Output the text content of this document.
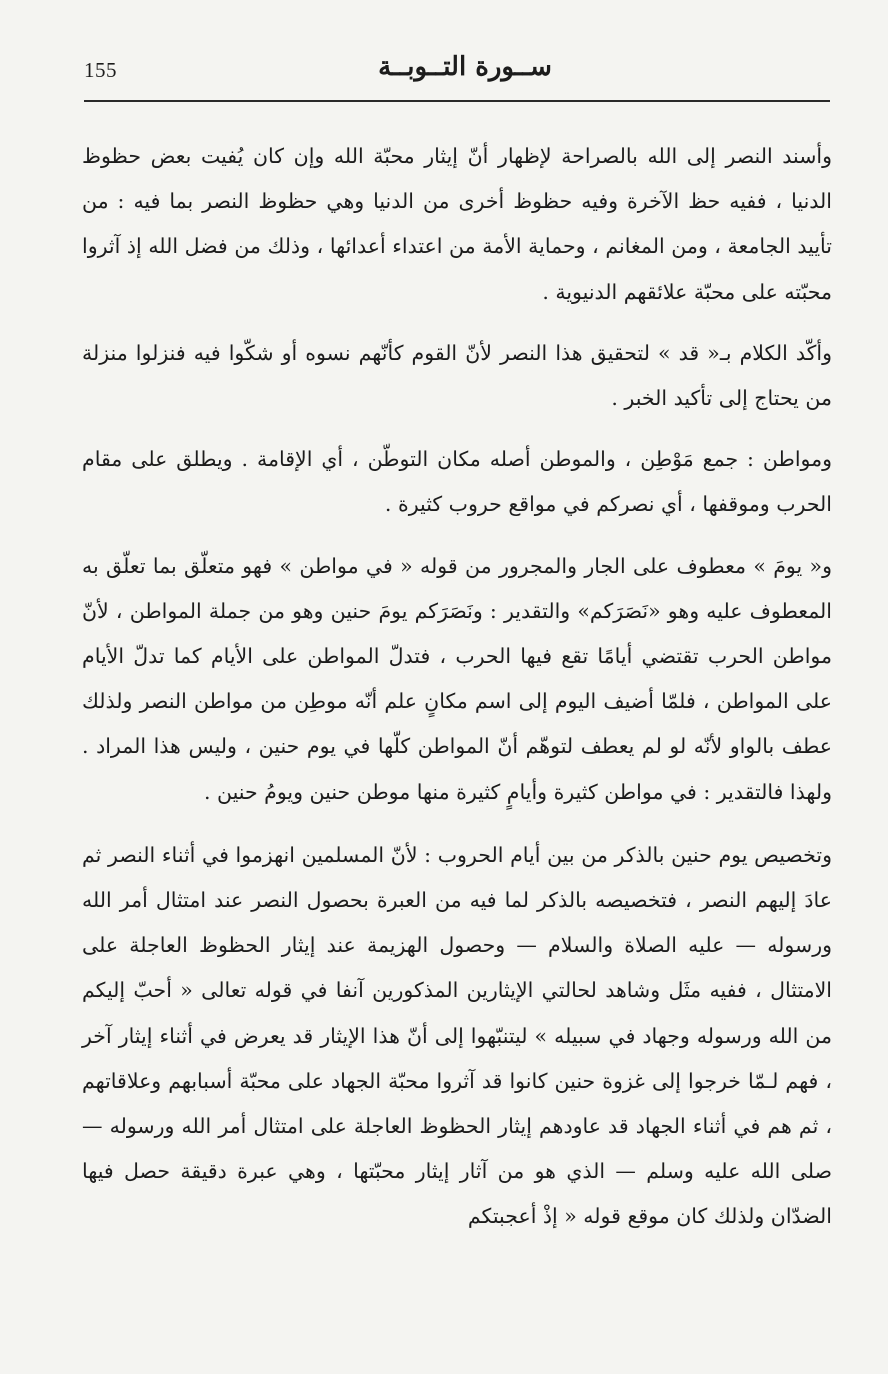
155	ســورة التــوبــة

وأسند النصر إلى الله بالصراحة لإظهار أنّ إيثار محبّة الله وإن كان يُفيت بعض حظوظ الدنيا ، ففيه حظ الآخرة وفيه حظوظ أخرى من الدنيا وهي حظوظ النصر بما فيه : من تأييد الجامعة ، ومن المغانم ، وحماية الأمة من اعتداء أعدائها ، وذلك من فضل الله إذ آثروا محبّته على محبّة علائقهم الدنيوية .

وأكّد الكلام بـ« قد » لتحقيق هذا النصر لأنّ القوم كأنّهم نسوه أو شكّوا فيه فنزلوا منزلة من يحتاج إلى تأكيد الخبر .

ومواطن : جمع مَوْطِن ، والموطن أصله مكان التوطّن ، أي الإقامة . ويطلق على مقام الحرب وموقفها ، أي نصركم في مواقع حروب كثيرة .

و« يومَ » معطوف على الجار والمجرور من قوله « في مواطن » فهو متعلّق بما تعلّق به المعطوف عليه وهو «نَصَرَكم» والتقدير : ونَصَرَكم يومَ حنين وهو من جملة المواطن ، لأنّ مواطن الحرب تقتضي أيامًا تقع فيها الحرب ، فتدلّ المواطن على الأيام كما تدلّ الأيام على المواطن ، فلمّا أضيف اليوم إلى اسم مكانٍ علم أنّه موطِن من مواطن النصر ولذلك عطف بالواو لأنّه لو لم يعطف لتوهّم أنّ المواطن كلّها في يوم حنين ، وليس هذا المراد . ولهذا فالتقدير : في مواطن كثيرة وأيامٍ كثيرة منها موطن حنين ويومُ حنين .

وتخصيص يوم حنين بالذكر من بين أيام الحروب : لأنّ المسلمين انهزموا في أثناء النصر ثم عادَ إليهم النصر ، فتخصيصه بالذكر لما فيه من العبرة بحصول النصر عند امتثال أمر الله ورسوله — عليه الصلاة والسلام — وحصول الهزيمة عند إيثار الحظوظ العاجلة على الامتثال ، ففيه مثَل وشاهد لحالتي الإيثارين المذكورين آنفا في قوله تعالى « أحبّ إليكم من الله ورسوله وجهاد في سبيله » ليتنبّهوا إلى أنّ هذا الإيثار قد يعرض في أثناء إيثار آخر ، فهم لـمّا خرجوا إلى غزوة حنين كانوا قد آثروا محبّة الجهاد على محبّة أسبابهم وعلاقاتهم ، ثم هم في أثناء الجهاد قد عاودهم إيثار الحظوظ العاجلة على امتثال أمر الله ورسوله — صلى الله عليه وسلم — الذي هو من آثار إيثار محبّتها ، وهي عبرة دقيقة حصل فيها الضدّان ولذلك كان موقع قوله « إذْ أعجبتكم
